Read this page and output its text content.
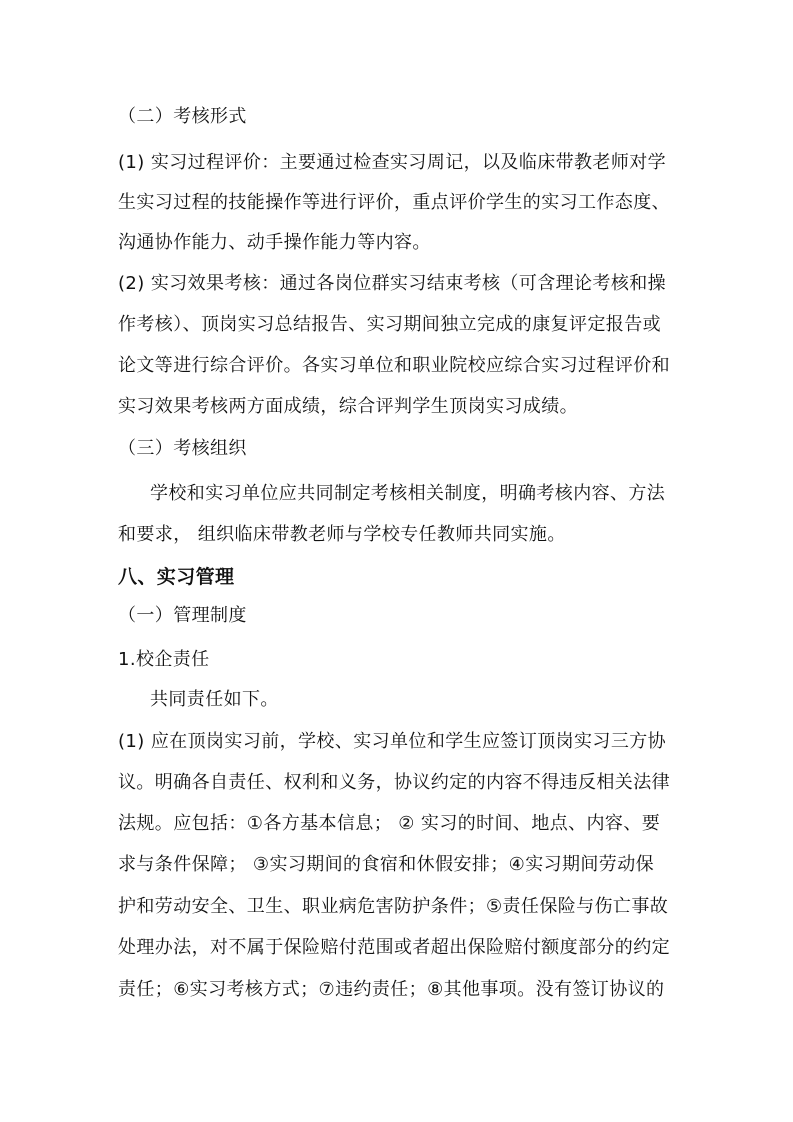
（二）考核形式
(1) 实习过程评价：主要通过检查实习周记，以及临床带教老师对学
生实习过程的技能操作等进行评价，重点评价学生的实习工作态度、
沟通协作能力、动手操作能力等内容。
(2) 实习效果考核：通过各岗位群实习结束考核（可含理论考核和操
作考核）、顶岗实习总结报告、实习期间独立完成的康复评定报告或
论文等进行综合评价。各实习单位和职业院校应综合实习过程评价和
实习效果考核两方面成绩，综合评判学生顶岗实习成绩。
（三）考核组织
学校和实习单位应共同制定考核相关制度，明确考核内容、方法
和要求， 组织临床带教老师与学校专任教师共同实施。
八、实习管理
（一）管理制度
1.校企责任
共同责任如下。
(1) 应在顶岗实习前，学校、实习单位和学生应签订顶岗实习三方协
议。明确各自责任、权利和义务，协议约定的内容不得违反相关法律
法规。应包括：①各方基本信息； ② 实习的时间、地点、内容、要
求与条件保障； ③实习期间的食宿和休假安排；④实习期间劳动保
护和劳动安全、卫生、职业病危害防护条件；⑤责任保险与伤亡事故
处理办法，对不属于保险赔付范围或者超出保险赔付额度部分的约定
责任；⑥实习考核方式；⑦违约责任；⑧其他事项。没有签订协议的
